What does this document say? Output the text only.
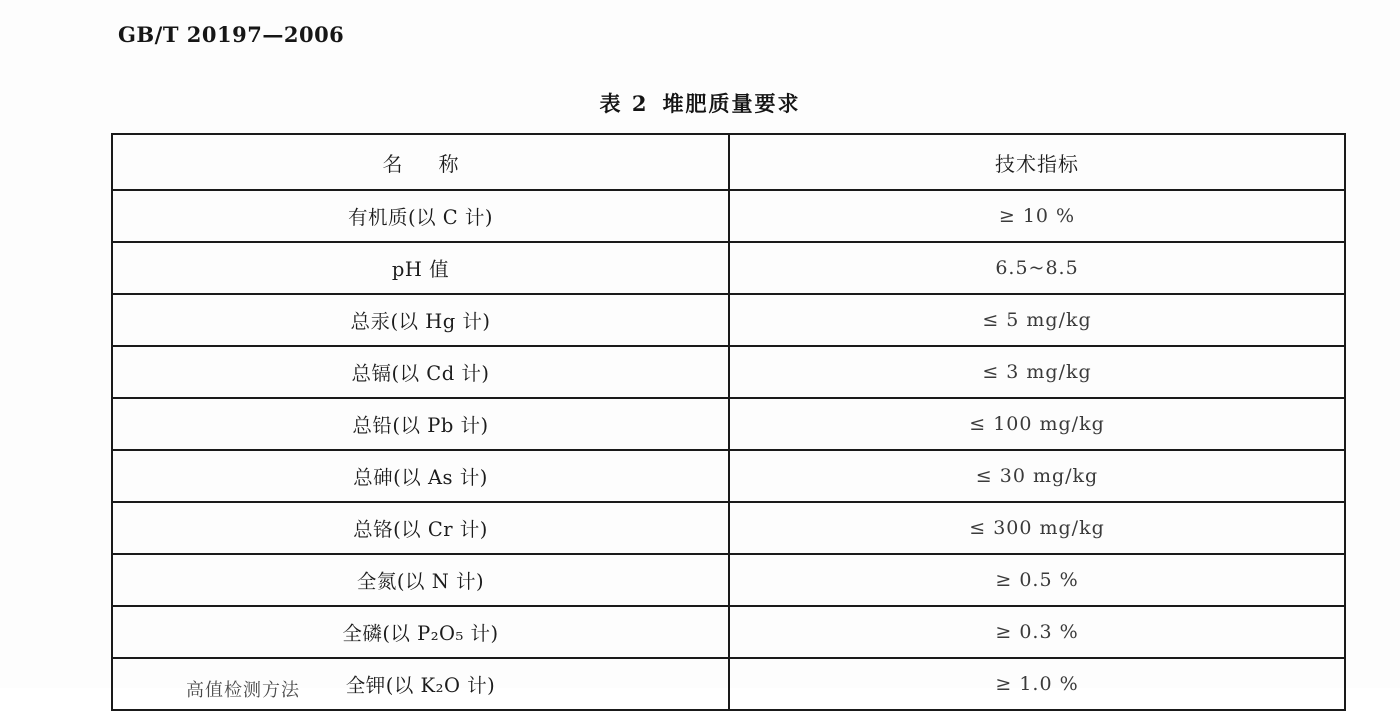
GB/T 20197—2006
表 2 堆肥质量要求
名 称	技术指标
有机质(以 C 计)	≥ 10 %
pH 值	6.5~8.5
总汞(以 Hg 计)	≤ 5 mg/kg
总镉(以 Cd 计)	≤ 3 mg/kg
总铅(以 Pb 计)	≤ 100 mg/kg
总砷(以 As 计)	≤ 30 mg/kg
总铬(以 Cr 计)	≤ 300 mg/kg
全氮(以 N 计)	≥ 0.5 %
全磷(以 P₂O₅ 计)	≥ 0.3 %
全钾(以 K₂O 计)	≥ 1.0 %
高值检测方法
